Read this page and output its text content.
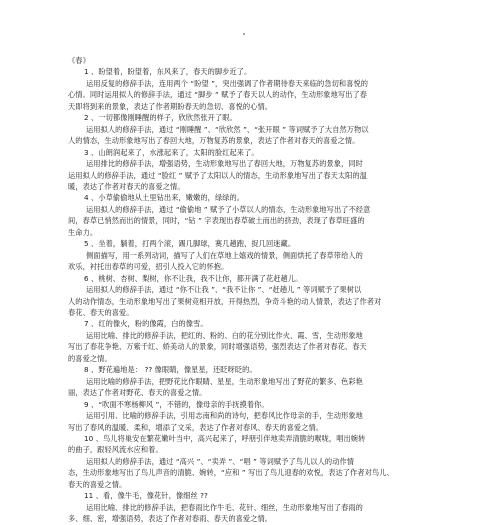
《春》

1 、盼望着，盼望着，东风来了，春天的脚步近了。

运用反复的修辞手法，连用两个 “盼望 ”，突出强调了作者期待春天来临的急切和喜悦的

心情。同时运用拟人的修辞手法，通过 “脚步 ” 赋予了春天以人的动作，生动形象地写出了春

天即将到来的景象，表达了作者期盼春天的急切、喜悦的心情。

2 、一切都像刚睡醒的样子，欣欣然张开了眼。

运用拟人的修辞手法，通过 “刚睡醒 ”、“欣欣然 ”、“张开眼 ” 等词赋予了大自然万物以

人的情态，生动形象地写出了春回大地，万物复苏的景象，表达了作者对春天的喜爱之情。

3 、山朗润起来了，水涨起来了，太阳的脸红起来了。

运用排比的修辞手法，增强语势，生动形象地写出了春回大地，万物复苏的景象，同时

运用拟人的修辞手法，通过 “脸红 ” 赋予了太阳以人的情态，生动形象地写出了春天太阳的温

暖，表达了作者对春天的喜爱之情。

4 、小草偷偷地从土里钻出来，嫩嫩的，绿绿的。

运用拟人的修辞手法，通过 “偷偷地 ” 赋予了小草以人的情态，生动形象地写出了不经意

间，春草已悄然而出的情景，同时，“钻 ” 字表现出春草破土而出的挤劲，表现了春草旺盛的

生命力。

5 、坐着，躺着，打两个滚，踢几脚球，赛几趟跑，捉几回迷藏。

侧面描写，用一系列动词，描写了人们在草地上嬉戏的情景，侧面烘托了春草带给人的

欢乐，衬托出春草的可爱，招引人投入它的怀抱。

6 、桃树、杏树、梨树，你不让我，我不让你，都开满了花赶趟儿。

运用拟人的修辞手法，通过 “你不让我 ”、“我不让你 ”、“赶趟儿 ” 等词赋予了果树以

人的动作情态，生动形象地写出了果树竞相开放，开得热烈，争奇斗艳的动人情景，表达了作者对

春花、春天的喜爱。

7 、红的像火，粉的像霞，白的像雪。

运用比喻、排比的修辞手法，把红的、粉的、白的花分别比作火、霞、雪，生动形象地

写出了春花争艳、万紫千红、娇美动人的景象，同时增强语势，强烈表达了作者对春花、春天

的喜爱之情。

8 、野花遍地是： ?? 像眼睛，像星星，还眨呀眨的。

运用比喻的修辞手法，把野花比作眼睛、星星，生动形象地写出了野花的繁多、色彩艳

丽，表达了作者对野花、春天的喜爱之情。

9 、“吹面不寒杨柳风 ”，不错的，像母亲的手抚摸着你。

运用引用、比喻的修辞手法，引用志南和尚的诗句，把春风比作母亲的手，生动形象地

写出了春风的温暖、柔和，增添了文采，表达了作者对春风、春天的喜爱之情。

10 、鸟儿将巢安在繁花嫩叶当中，高兴起来了，呼朋引伴地卖弄清脆的喉咙，唱出婉转

的曲子，跟轻风流水应和着。

运用拟人的修辞手法，通过 “高兴 ”、“卖弄 ”、“唱 ” 等词赋予了鸟儿以人的动作情

态，生动形象地写出了鸟儿声音的清脆、婉转，“应和 ” 写出了鸟儿迎春的欢悦，表达了作者对鸟儿、

春天的喜爱之情。

11 、看，像牛毛，像花针，像细丝 ??

运用比喻、排比的修辞手法，把春雨比作牛毛、花针、细丝，生动形象地写出了春雨的

多、细、密，增强语势，表达了作者对春雨、春天的喜爱之情。
